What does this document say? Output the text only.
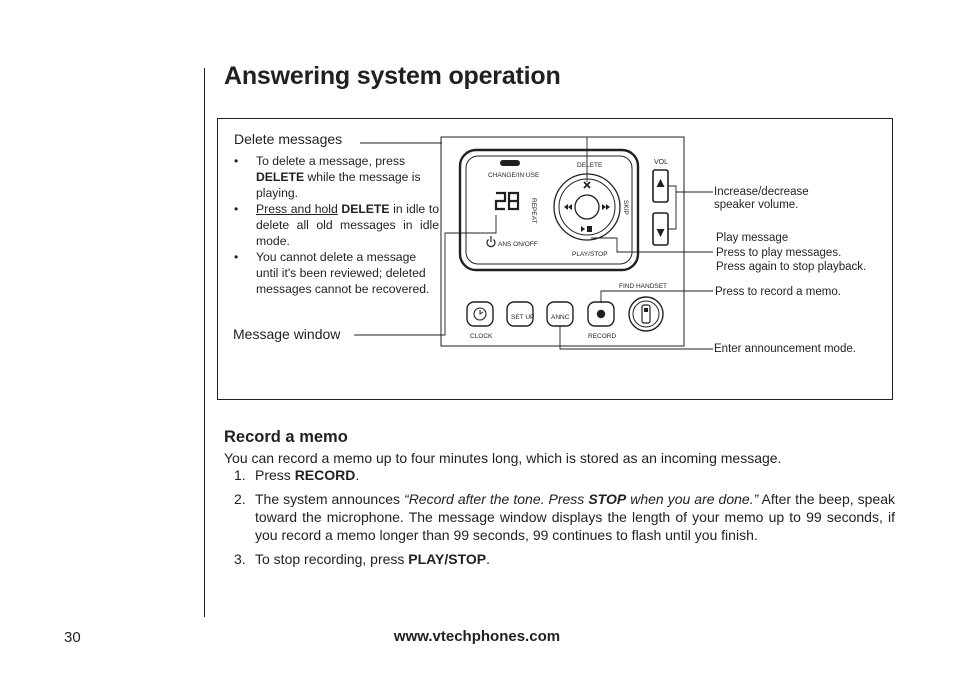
Answering system operation
CHANGE/IN USE
DELETE
REPEAT	SKIP
PLAY/STOP
ANS ON/OFF
VOL
FIND HANDSET
CLOCK
SET UP	ANNC
RECORD
Delete messages
• To delete a message, press DELETE while the message is playing.
• Press and hold DELETE in idle to delete all old messages in idle mode.
• You cannot delete a message until it's been reviewed; deleted messages cannot be recovered.
Message window
Increase/decrease
speaker volume.
Play message
Press to play messages.
Press again to stop playback.
Press to record a memo.
Enter announcement mode.
Record a memo

You can record a memo up to four minutes long, which is stored as an incoming message.

1. Press RECORD.
2. The system announces “Record after the tone. Press STOP when you are done.” After the beep, speak toward the microphone. The message window displays the length of your memo up to 99 seconds, if you record a memo longer than 99 seconds, 99 continues to flash until you finish.
3. To stop recording, press PLAY/STOP.
30	www.vtechphones.com
